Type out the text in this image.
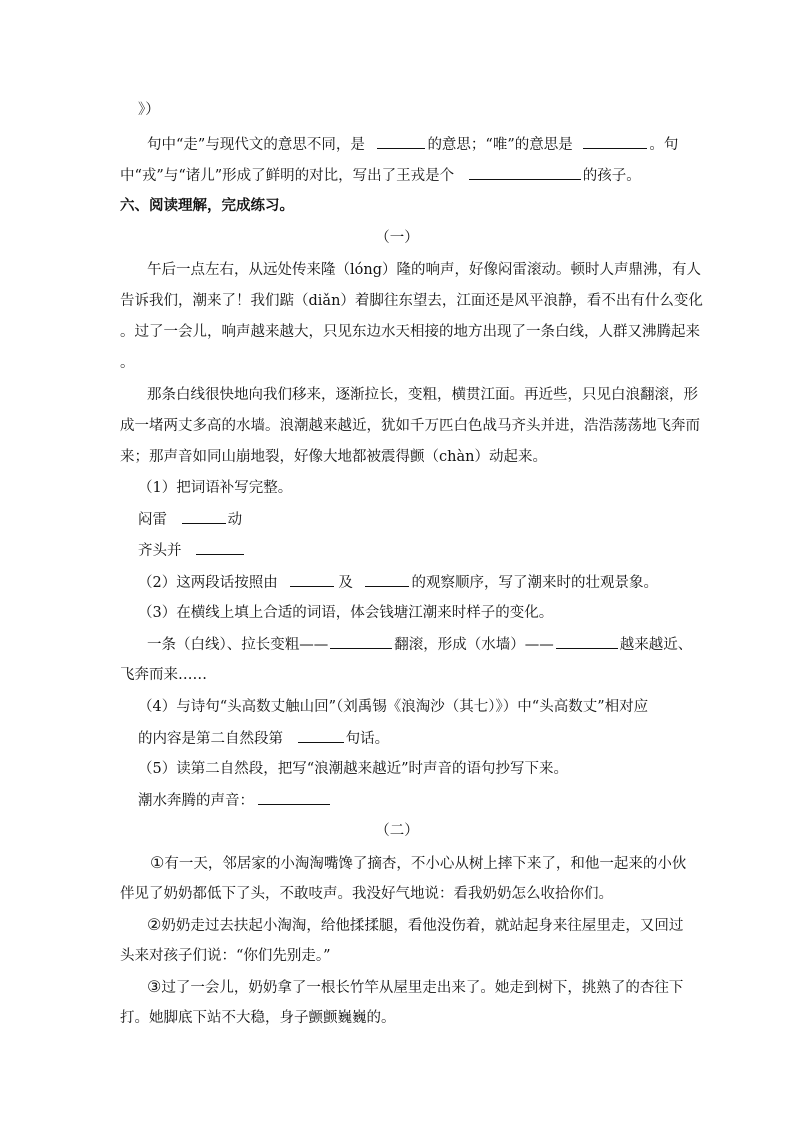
》）
句中“走”与现代文的意思不同，是	的意思；“唯”的意思是	。句
中“戎”与“诸儿”形成了鲜明的对比，写出了王戎是个	的孩子。
六、阅读理解，完成练习。
（一）
午后一点左右，从远处传来隆（lóng）隆的响声，好像闷雷滚动。顿时人声鼎沸，有人
告诉我们，潮来了！我们踮（diǎn）着脚往东望去，江面还是风平浪静，看不出有什么变化
。过了一会儿，响声越来越大，只见东边水天相接的地方出现了一条白线，人群又沸腾起来
。
那条白线很快地向我们移来，逐渐拉长，变粗，横贯江面。再近些，只见白浪翻滚，形
成一堵两丈多高的水墙。浪潮越来越近，犹如千万匹白色战马齐头并进，浩浩荡荡地飞奔而
来；那声音如同山崩地裂，好像大地都被震得颤（chàn）动起来。
（1）把词语补写完整。
闷雷	动
齐头并
（2）这两段话按照由	及	的观察顺序，写了潮来时的壮观景象。
（3）在横线上填上合适的词语，体会钱塘江潮来时样子的变化。
一条（白线）、拉长变粗——	翻滚，形成（水墙）——	越来越近、
飞奔而来……
（4）与诗句“头高数丈触山回”（刘禹锡《浪淘沙（其七）》）中“头高数丈”相对应
的内容是第二自然段第	句话。
（5）读第二自然段，把写“浪潮越来越近”时声音的语句抄写下来。
潮水奔腾的声音：
（二）
①有一天，邻居家的小淘淘嘴馋了摘杏，不小心从树上摔下来了，和他一起来的小伙
伴见了奶奶都低下了头，不敢吱声。我没好气地说：看我奶奶怎么收拾你们。
②奶奶走过去扶起小淘淘，给他揉揉腿，看他没伤着，就站起身来往屋里走，又回过
头来对孩子们说：“你们先别走。”
③过了一会儿，奶奶拿了一根长竹竿从屋里走出来了。她走到树下，挑熟了的杏往下
打。她脚底下站不大稳，身子颤颤巍巍的。
